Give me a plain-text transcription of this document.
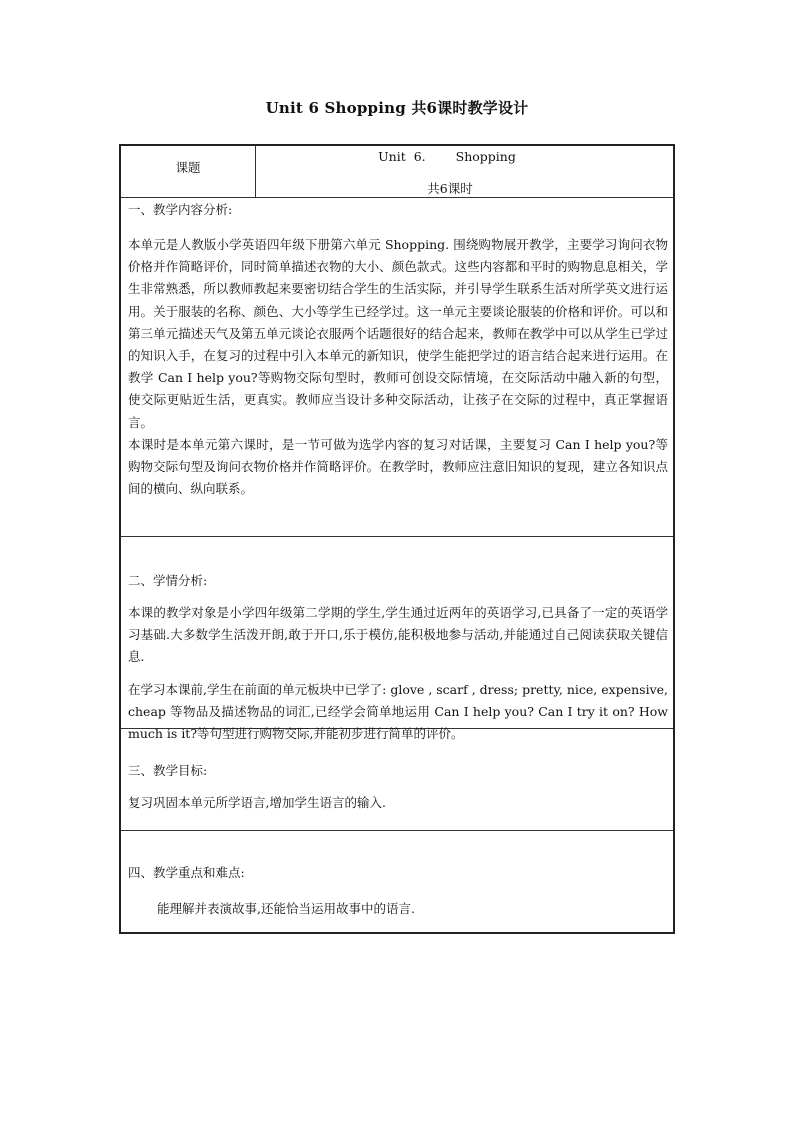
Unit 6 Shopping 共6课时教学设计
课题
Unit 6. Shopping
共6课时
一、教学内容分析:
本单元是人教版小学英语四年级下册第六单元 Shopping. 围绕购物展开教学，主要学习询问衣物价格并作简略评价，同时简单描述衣物的大小、颜色款式。这些内容都和平时的购物息息相关，学生非常熟悉，所以教师教起来要密切结合学生的生活实际，并引导学生联系生活对所学英文进行运用。关于服装的名称、颜色、大小等学生已经学过。这一单元主要谈论服装的价格和评价。可以和第三单元描述天气及第五单元谈论衣服两个话题很好的结合起来，教师在教学中可以从学生已学过的知识入手，在复习的过程中引入本单元的新知识，使学生能把学过的语言结合起来进行运用。在教学 Can I help you?等购物交际句型时，教师可创设交际情境，在交际活动中融入新的句型，使交际更贴近生活，更真实。教师应当设计多种交际活动，让孩子在交际的过程中，真正掌握语言。
本课时是本单元第六课时，是一节可做为选学内容的复习对话课，主要复习 Can I help you?等购物交际句型及询问衣物价格并作简略评价。在教学时，教师应注意旧知识的复现，建立各知识点间的横向、纵向联系。
二、学情分析:
本课的教学对象是小学四年级第二学期的学生,学生通过近两年的英语学习,已具备了一定的英语学习基础.大多数学生活泼开朗,敢于开口,乐于模仿,能积极地参与活动,并能通过自己阅读获取关键信息.
在学习本课前,学生在前面的单元板块中已学了: glove , scarf , dress; pretty, nice, expensive, cheap 等物品及描述物品的词汇,已经学会简单地运用 Can I help you? Can I try it on? How much is it?等句型进行购物交际,并能初步进行简单的评价。
三、教学目标:
复习巩固本单元所学语言,增加学生语言的输入.
四、教学重点和难点:
能理解并表演故事,还能恰当运用故事中的语言.
